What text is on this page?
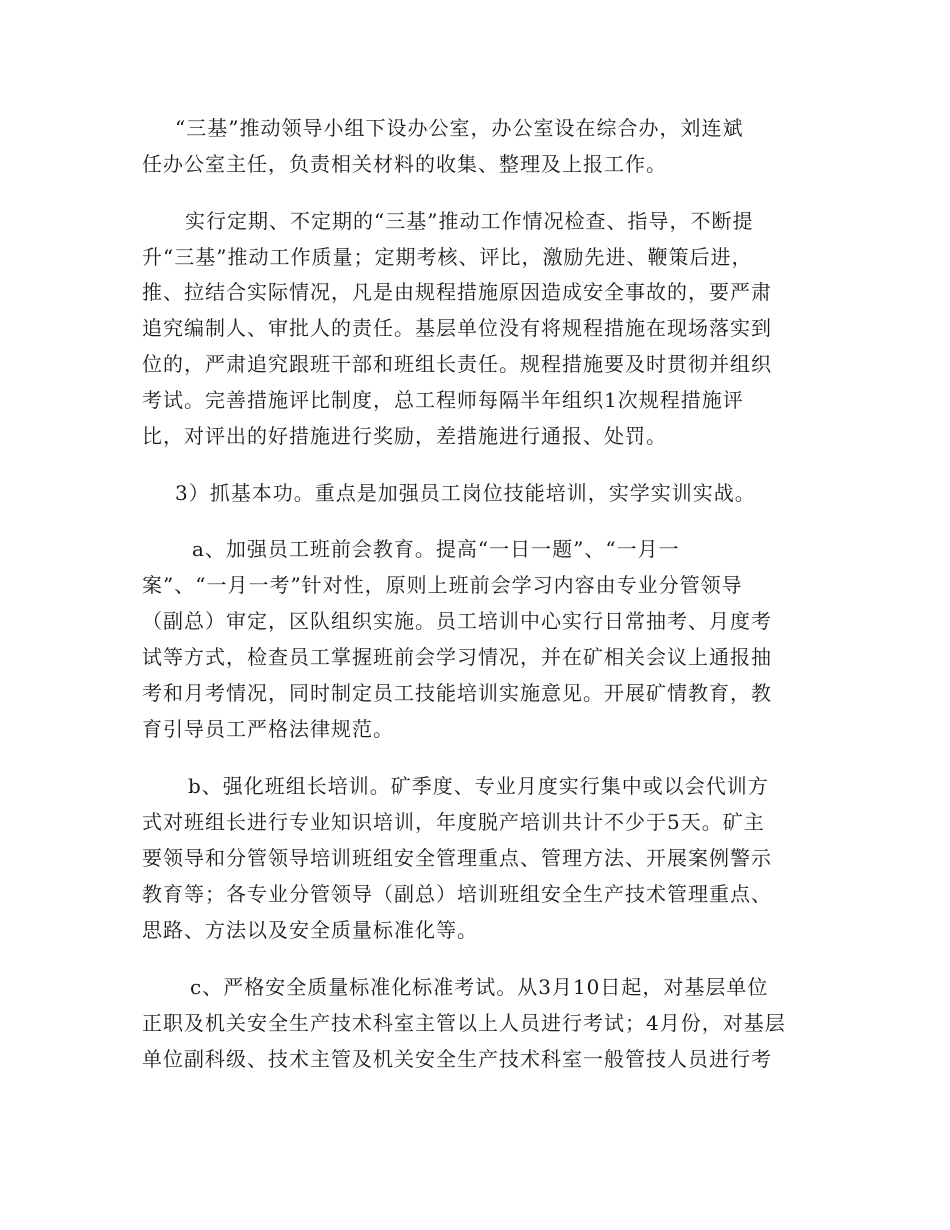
“三基”推动领导小组下设办公室，办公室设在综合办，刘连斌
任办公室主任，负责相关材料的收集、整理及上报工作。
实行定期、不定期的“三基”推动工作情况检查、指导，不断提
升“三基”推动工作质量；定期考核、评比，激励先进、鞭策后进，
推、拉结合实际情况，凡是由规程措施原因造成安全事故的，要严肃
追究编制人、审批人的责任。基层单位没有将规程措施在现场落实到
位的，严肃追究跟班干部和班组长责任。规程措施要及时贯彻并组织
考试。完善措施评比制度，总工程师每隔半年组织1次规程措施评
比，对评出的好措施进行奖励，差措施进行通报、处罚。
3）抓基本功。重点是加强员工岗位技能培训，实学实训实战。
a、加强员工班前会教育。提高“一日一题”、“一月一
案”、“一月一考”针对性，原则上班前会学习内容由专业分管领导
（副总）审定，区队组织实施。员工培训中心实行日常抽考、月度考
试等方式，检查员工掌握班前会学习情况，并在矿相关会议上通报抽
考和月考情况，同时制定员工技能培训实施意见。开展矿情教育，教
育引导员工严格法律规范。
b、强化班组长培训。矿季度、专业月度实行集中或以会代训方
式对班组长进行专业知识培训，年度脱产培训共计不少于5天。矿主
要领导和分管领导培训班组安全管理重点、管理方法、开展案例警示
教育等；各专业分管领导（副总）培训班组安全生产技术管理重点、
思路、方法以及安全质量标准化等。
c、严格安全质量标准化标准考试。从3月10日起，对基层单位
正职及机关安全生产技术科室主管以上人员进行考试；4月份，对基层
单位副科级、技术主管及机关安全生产技术科室一般管技人员进行考
